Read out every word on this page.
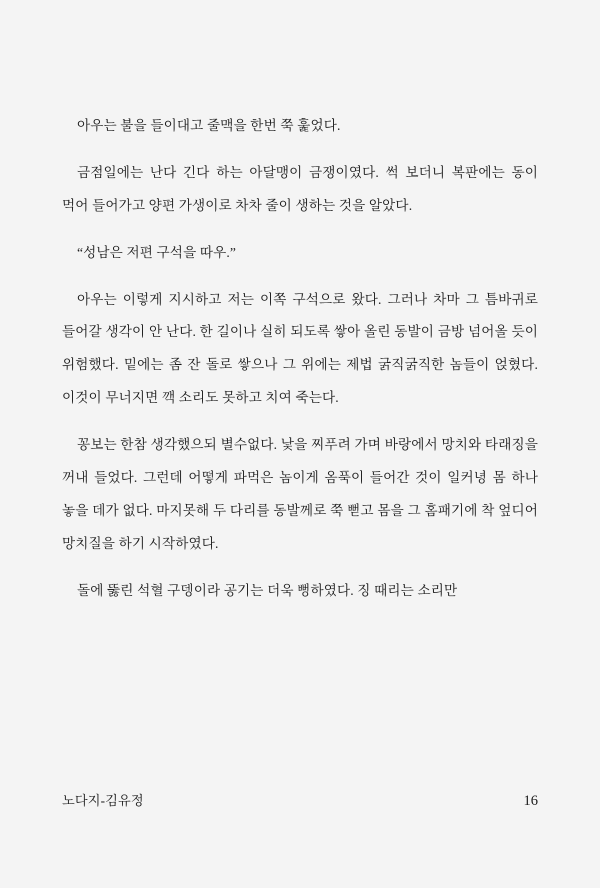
아우는 불을 들이대고 줄맥을 한번 쭉 훑었다.

금점일에는 난다 긴다 하는 아달맹이 금쟁이였다. 썩 보더니 복판에는 동이 먹어 들어가고 양편 가생이로 차차 줄이 생하는 것을 알았다.

“성남은 저편 구석을 따우.”

아우는 이렇게 지시하고 저는 이쪽 구석으로 왔다. 그러나 차마 그 틈바귀로 들어갈 생각이 안 난다. 한 길이나 실히 되도록 쌓아 올린 동발이 금방 넘어올 듯이 위험했다. 밑에는 좀 잔 돌로 쌓으나 그 위에는 제법 굵직굵직한 놈들이 얹혔다. 이것이 무너지면 깩 소리도 못하고 치여 죽는다.

꽁보는 한참 생각했으되 별수없다. 낯을 찌푸려 가며 바랑에서 망치와 타래징을 꺼내 들었다. 그런데 어떻게 파먹은 놈이게 옴푹이 들어간 것이 일커녕 몸 하나 놓을 데가 없다. 마지못해 두 다리를 동발께로 쭉 뻗고 몸을 그 홈패기에 착 엎디어 망치질을 하기 시작하였다.

돌에 뚫린 석혈 구뎅이라 공기는 더욱 뻥하였다. 징 때리는 소리만

노다지-김유정	16
